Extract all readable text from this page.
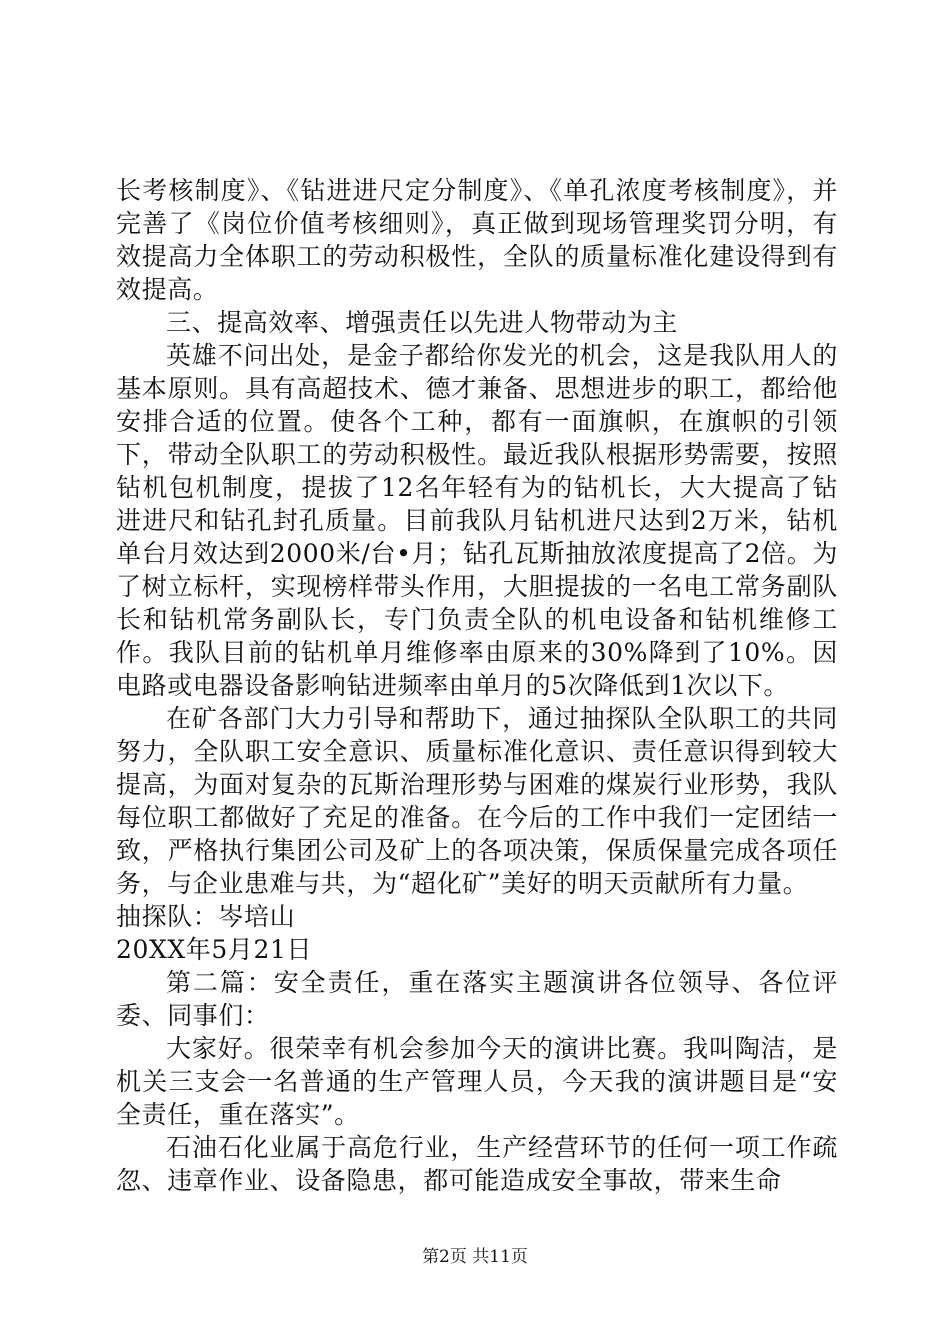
长考核制度》、《钻进进尺定分制度》、《单孔浓度考核制度》，并完善了《岗位价值考核细则》，真正做到现场管理奖罚分明，有效提高力全体职工的劳动积极性，全队的质量标准化建设得到有效提高。

三、提高效率、增强责任以先进人物带动为主

英雄不问出处，是金子都给你发光的机会，这是我队用人的基本原则。具有高超技术、德才兼备、思想进步的职工，都给他安排合适的位置。使各个工种，都有一面旗帜，在旗帜的引领下，带动全队职工的劳动积极性。最近我队根据形势需要，按照钻机包机制度，提拔了12名年轻有为的钻机长，大大提高了钻进进尺和钻孔封孔质量。目前我队月钻机进尺达到2万米，钻机单台月效达到2000米/台•月；钻孔瓦斯抽放浓度提高了2倍。为了树立标杆，实现榜样带头作用，大胆提拔的一名电工常务副队长和钻机常务副队长，专门负责全队的机电设备和钻机维修工作。我队目前的钻机单月维修率由原来的30%降到了10%。因电路或电器设备影响钻进频率由单月的5次降低到1次以下。

在矿各部门大力引导和帮助下，通过抽探队全队职工的共同努力，全队职工安全意识、质量标准化意识、责任意识得到较大提高，为面对复杂的瓦斯治理形势与困难的煤炭行业形势，我队每位职工都做好了充足的准备。在今后的工作中我们一定团结一致，严格执行集团公司及矿上的各项决策，保质保量完成各项任务，与企业患难与共，为“超化矿”美好的明天贡献所有力量。

抽探队：岑培山

20XX年5月21日

第二篇：安全责任，重在落实主题演讲各位领导、各位评委、同事们：

大家好。很荣幸有机会参加今天的演讲比赛。我叫陶洁，是机关三支会一名普通的生产管理人员，今天我的演讲题目是“安全责任，重在落实”。

石油石化业属于高危行业，生产经营环节的任何一项工作疏忽、违章作业、设备隐患，都可能造成安全事故，带来生命

第2页 共11页
